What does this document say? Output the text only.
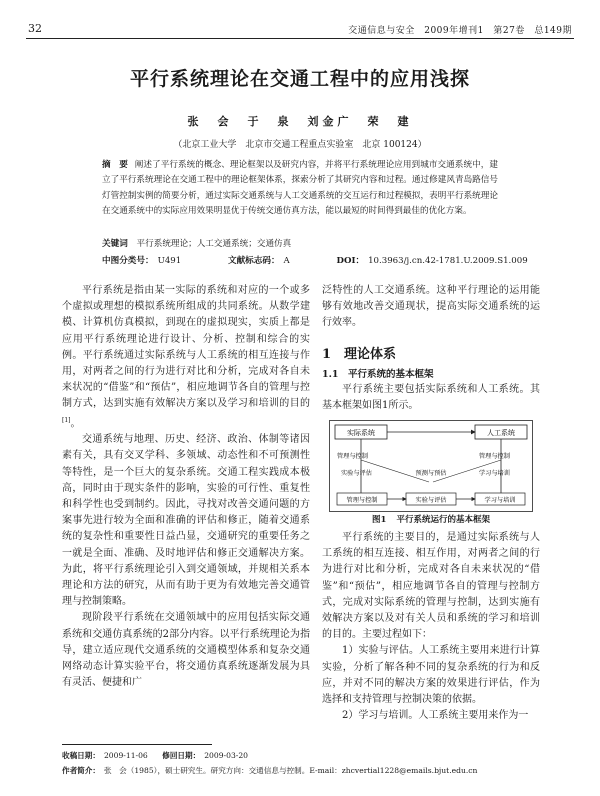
32	交通信息与安全　2009年增刊1　第27卷　总149期
平行系统理论在交通工程中的应用浅探
张　会　于　泉　刘金广　荣　建
（北京工业大学　北京市交通工程重点实验室　北京 100124）
摘　要 阐述了平行系统的概念、理论框架以及研究内容，并将平行系统理论应用到城市交通系统中，建立了平行系统理论在交通工程中的理论框架体系，探索分析了其研究内容和过程。通过修建风青岛路信号灯管控制实例的简要分析，通过实际交通系统与人工交通系统的交互运行和过程模拟，表明平行系统理论在交通系统中的实际应用效果明显优于传统交通仿真方法，能以最短的时间得到最佳的优化方案。
关键词 平行系统理论；人工交通系统；交通仿真
中图分类号： U491	文献标志码： A	DOI： 10.3963/j.cn.42-1781.U.2009.S1.009

平行系统是指由某一实际的系统和对应的一个或多个虚拟或理想的模拟系统所组成的共同系统。从数学建模、计算机仿真模拟，到现在的虚拟现实，实质上都是应用平行系统理论进行设计、分析、控制和综合的实例。平行系统通过实际系统与人工系统的相互连接与作用，对两者之间的行为进行对比和分析，完成对各自未来状况的“借鉴”和“预估”，相应地调节各自的管理与控制方式，达到实施有效解决方案以及学习和培训的目的[1]。

交通系统与地理、历史、经济、政治、体制等诸因素有关，具有交叉学科、多领域、动态性和不可预测性等特性，是一个巨大的复杂系统。交通工程实践成本极高，同时由于现实条件的影响，实验的可行性、重复性和科学性也受到制约。因此，寻找对改善交通问题的方案事先进行较为全面和准确的评估和修正，随着交通系统的复杂性和重要性日益凸显，交通研究的重要任务之一就是全面、准确、及时地评估和修正交通解决方案。为此，将平行系统理论引入到交通领域，并规相关系本理论和方法的研究，从而有助于更为有效地完善交通管理与控制策略。

现阶段平行系统在交通领域中的应用包括实际交通系统和交通仿真系统的2部分内容。以平行系统理论为指导，建立适应现代交通系统的交通模型体系和复杂交通网络动态计算实验平台，将交通仿真系统逐渐发展为具有灵活、便捷和广

泛特性的人工交通系统。这种平行理论的运用能够有效地改善交通现状，提高实际交通系统的运行效率。

1　理论体系
1.1　平行系统的基本框架
平行系统主要包括实际系统和人工系统。其基本框架如图1所示。
实际系统	人工系统
管理与控制	管理与控制
实验与评估	学习与培训
预测与预估
管理与控制	实验与评估	学习与培训
图1 平行系统运行的基本框架

平行系统的主要目的，是通过实际系统与人工系统的相互连接、相互作用，对两者之间的行为进行对比和分析，完成对各自未来状况的“借鉴”和“预估”，相应地调节各自的管理与控制方式，完成对实际系统的管理与控制，达到实施有效解决方案以及对有关人员和系统的学习和培训的目的。主要过程如下：

1）实验与评估。人工系统主要用来进行计算实验，分析了解各种不同的复杂系统的行为和反应，并对不同的解决方案的效果进行评估，作为选择和支持管理与控制决策的依据。

2）学习与培训。人工系统主要用来作为一

收稿日期： 2009-11-06 修回日期： 2009-03-20
作者简介： 张　会（1985），硕士研究生。研究方向：交通信息与控制。E-mail：zhcvertial1228@emails.bjut.edu.cn
